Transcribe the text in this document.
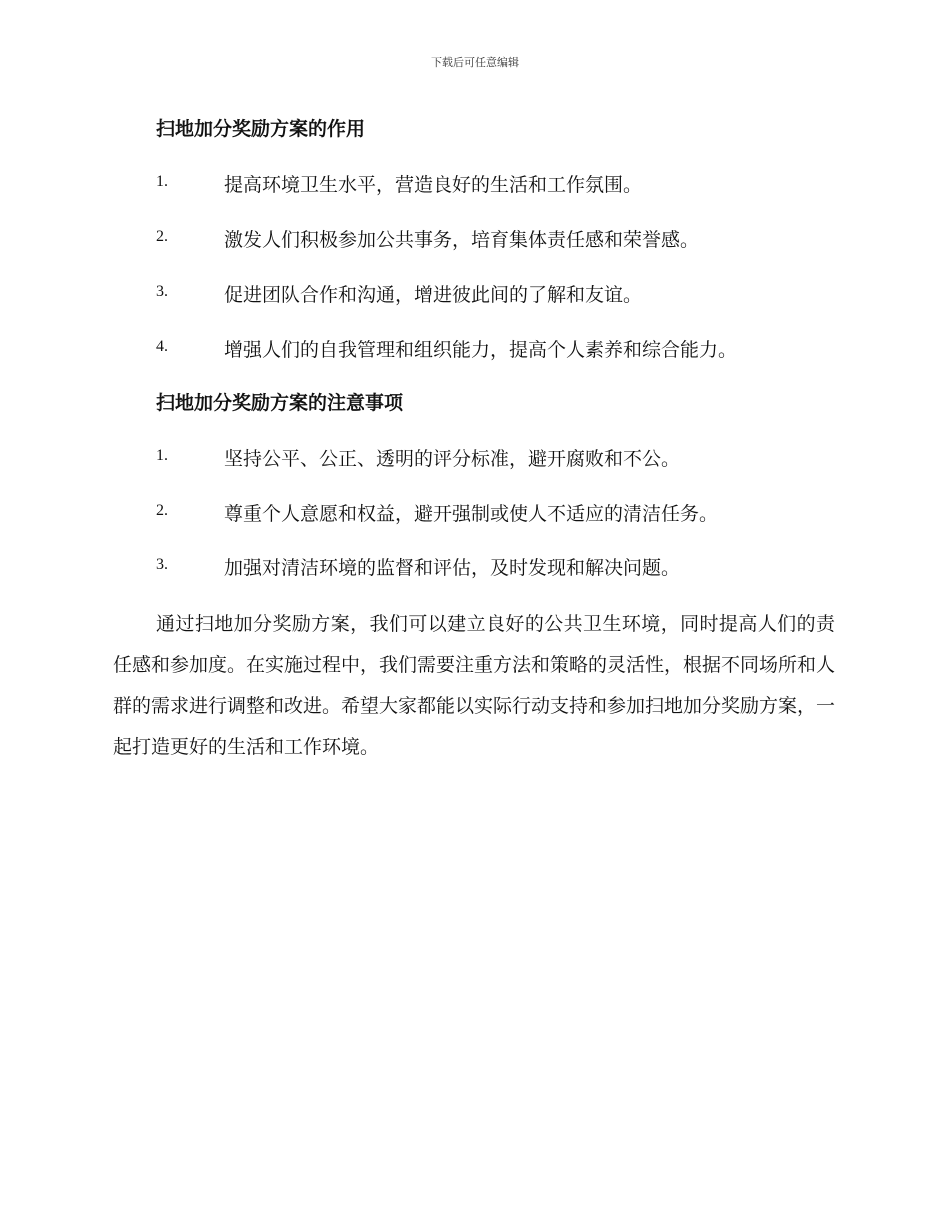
下载后可任意编辑
扫地加分奖励方案的作用
1.	提高环境卫生水平，营造良好的生活和工作氛围。
2.	激发人们积极参加公共事务，培育集体责任感和荣誉感。
3.	促进团队合作和沟通，增进彼此间的了解和友谊。
4.	增强人们的自我管理和组织能力，提高个人素养和综合能力。
扫地加分奖励方案的注意事项
1.	坚持公平、公正、透明的评分标准，避开腐败和不公。
2.	尊重个人意愿和权益，避开强制或使人不适应的清洁任务。
3.	加强对清洁环境的监督和评估，及时发现和解决问题。

通过扫地加分奖励方案，我们可以建立良好的公共卫生环境，同时提高人们的责任感和参加度。在实施过程中，我们需要注重方法和策略的灵活性，根据不同场所和人群的需求进行调整和改进。希望大家都能以实际行动支持和参加扫地加分奖励方案，一起打造更好的生活和工作环境。
